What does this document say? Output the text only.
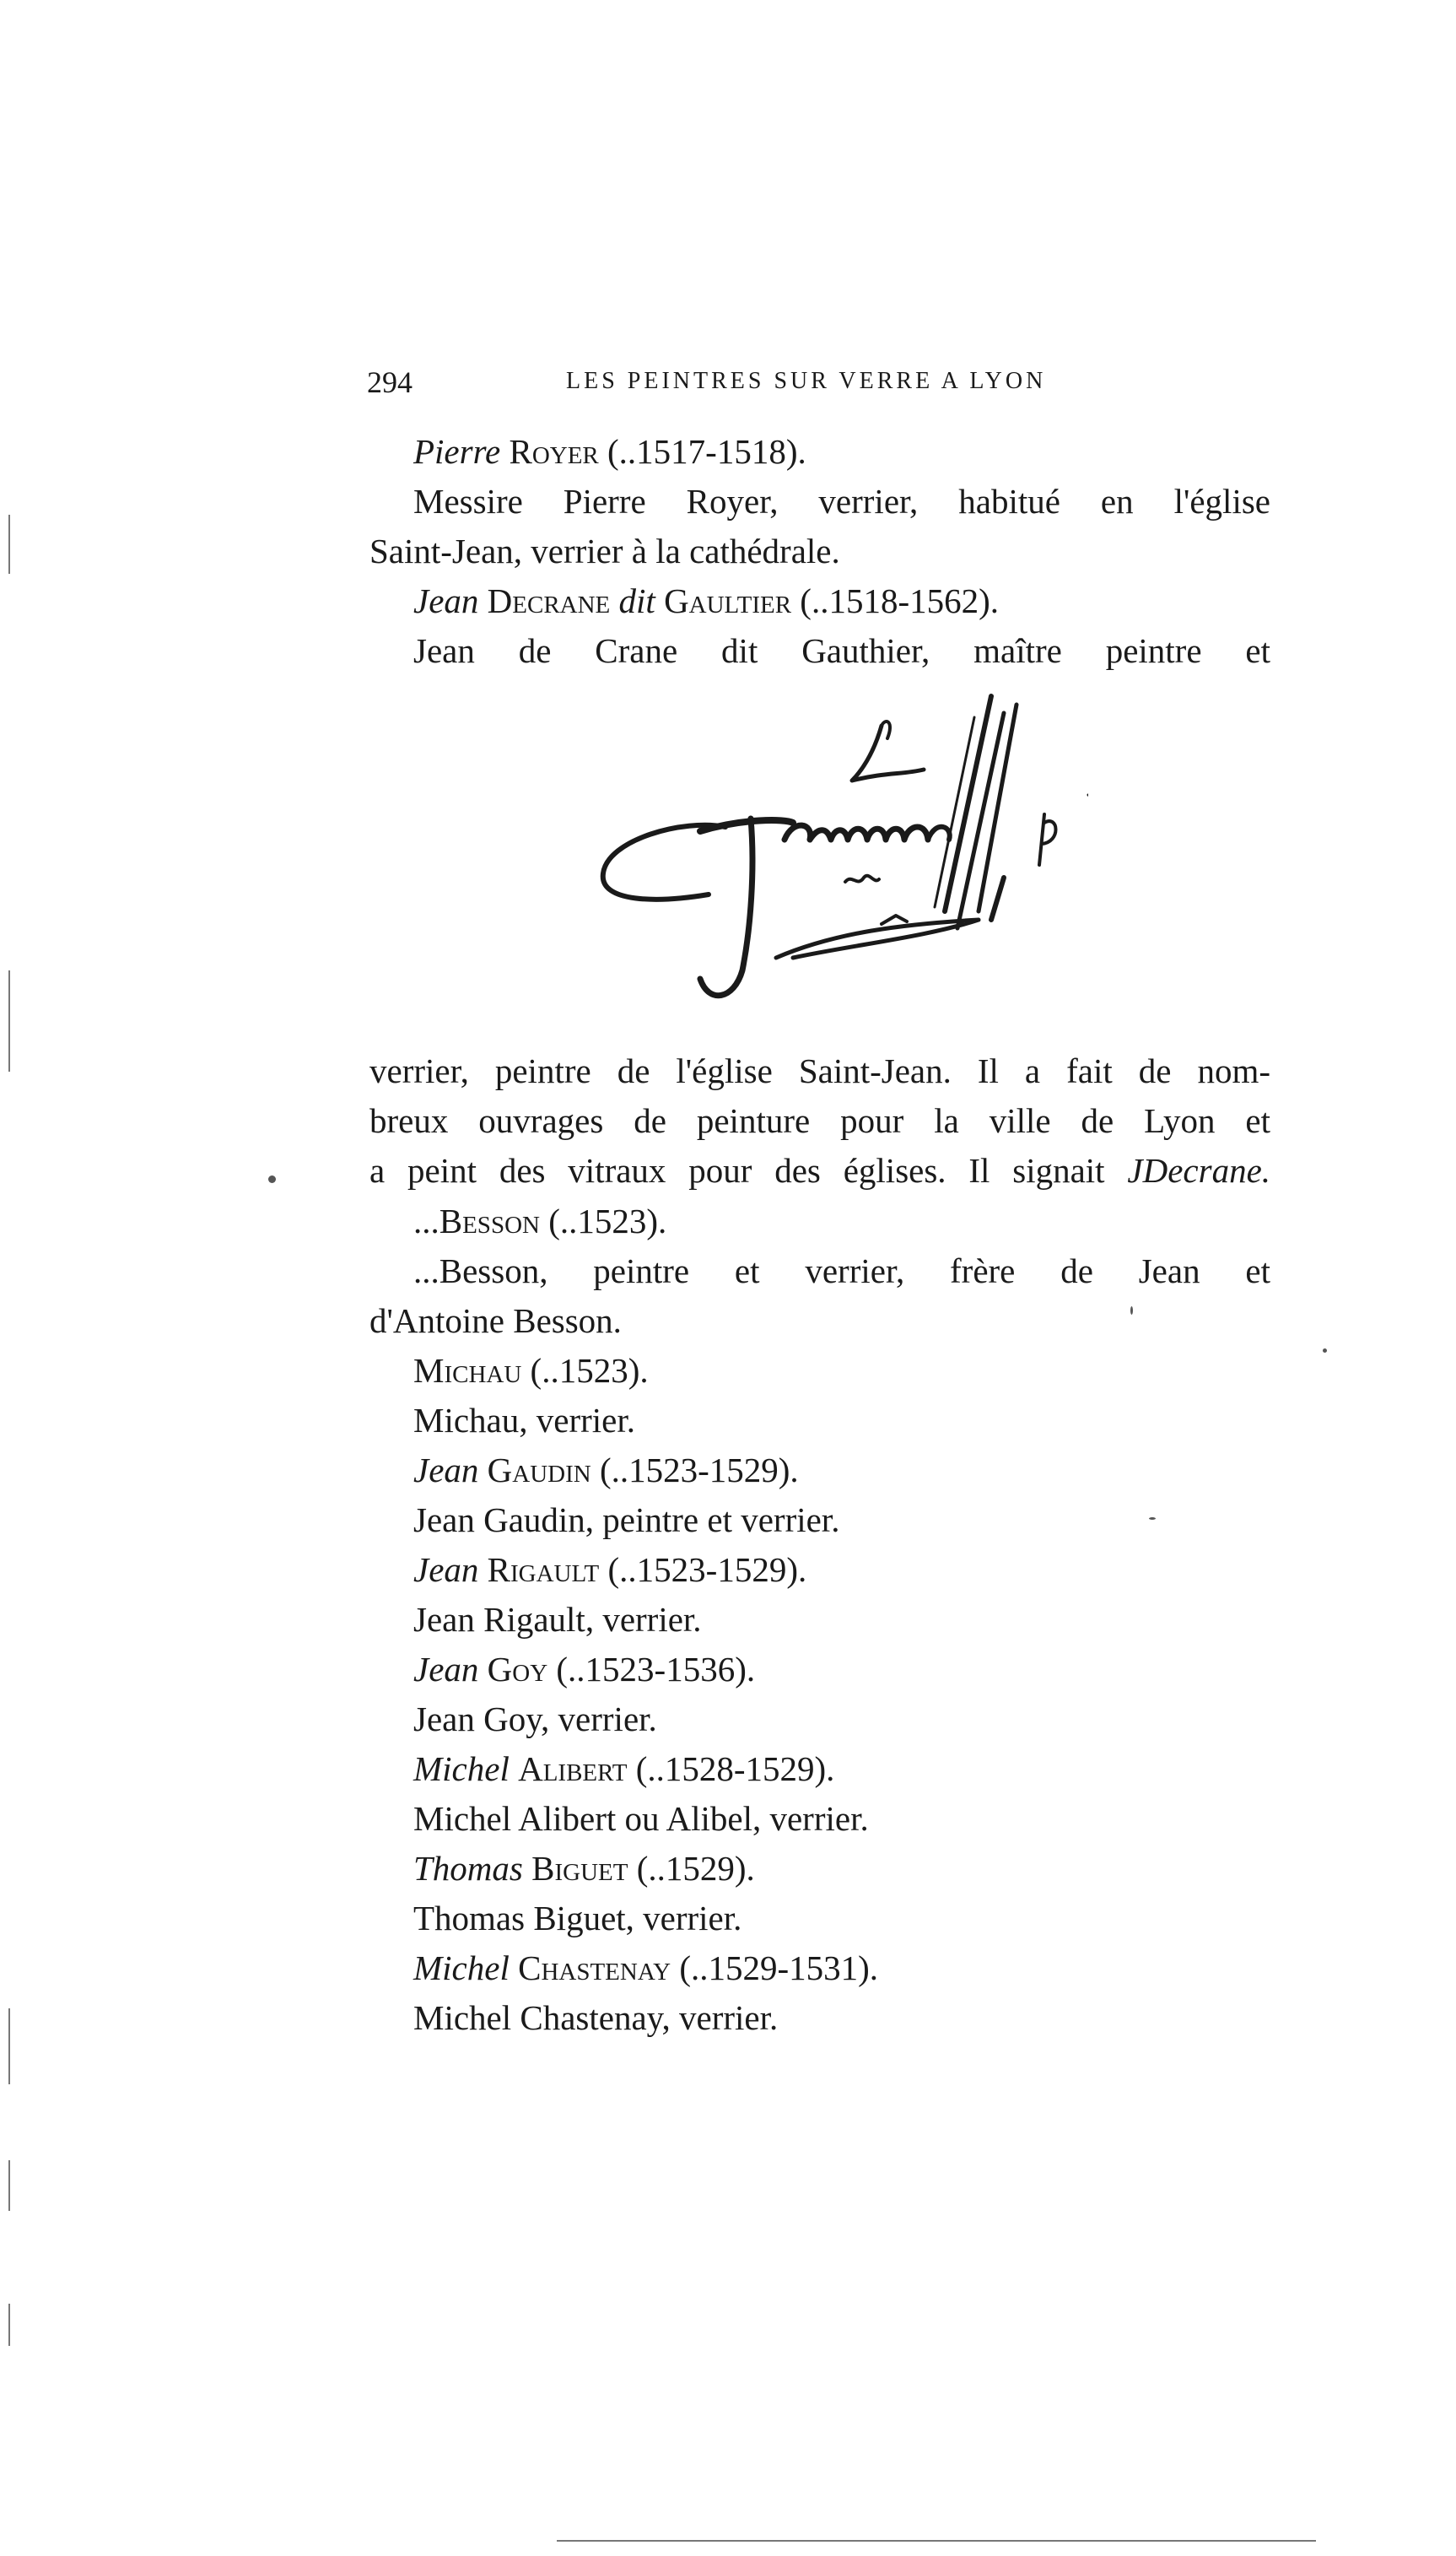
294	LES PEINTRES SUR VERRE A LYON
Pierre Royer (..1517-1518).
Messire Pierre Royer, verrier, habitué en l'église
Saint-Jean, verrier à la cathédrale.
Jean Decrane dit Gaultier (..1518-1562).
Jean de Crane dit Gauthier, maître peintre et
verrier, peintre de l'église Saint-Jean. Il a fait de nom-
breux ouvrages de peinture pour la ville de Lyon et
a peint des vitraux pour des églises. Il signait JDecrane.
...Besson (..1523).
...Besson, peintre et verrier, frère de Jean et
d'Antoine Besson.
Michau (..1523).
Michau, verrier.
Jean Gaudin (..1523-1529).
Jean Gaudin, peintre et verrier.
Jean Rigault (..1523-1529).
Jean Rigault, verrier.
Jean Goy (..1523-1536).
Jean Goy, verrier.
Michel Alibert (..1528-1529).
Michel Alibert ou Alibel, verrier.
Thomas Biguet (..1529).
Thomas Biguet, verrier.
Michel Chastenay (..1529-1531).
Michel Chastenay, verrier.
